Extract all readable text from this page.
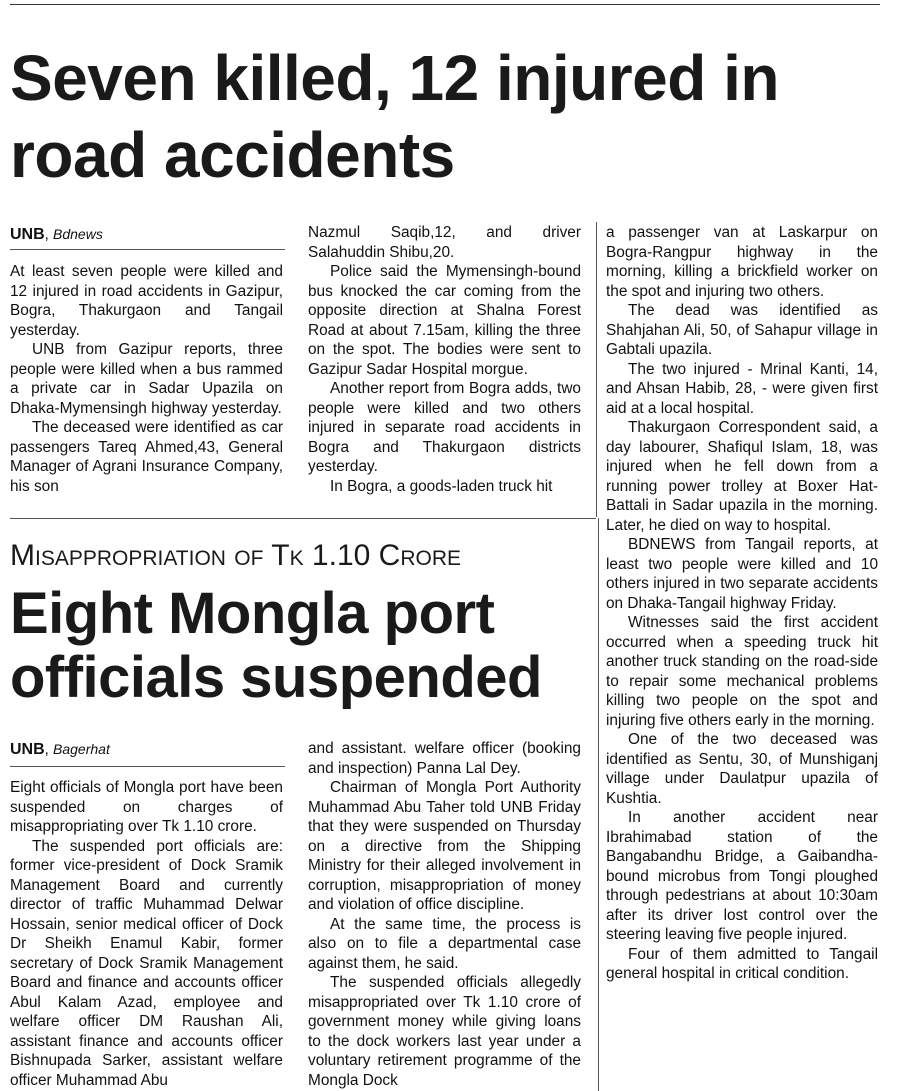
Seven killed, 12 injured in road accidents
UNB, Bdnews

At least seven people were killed and 12 injured in road accidents in Gazipur, Bogra, Thakurgaon and Tangail yesterday.

UNB from Gazipur reports, three people were killed when a bus rammed a private car in Sadar Upazila on Dhaka-Mymensingh highway yesterday.

The deceased were identified as car passengers Tareq Ahmed,43, General Manager of Agrani Insurance Company, his son

Nazmul Saqib,12, and driver Salahuddin Shibu,20.

Police said the Mymensingh-bound bus knocked the car coming from the opposite direction at Shalna Forest Road at about 7.15am, killing the three on the spot. The bodies were sent to Gazipur Sadar Hospital morgue.

Another report from Bogra adds, two people were killed and two others injured in separate road accidents in Bogra and Thakurgaon districts yesterday.

In Bogra, a goods-laden truck hit

a passenger van at Laskarpur on Bogra-Rangpur highway in the morning, killing a brickfield worker on the spot and injuring two others.

The dead was identified as Shahjahan Ali, 50, of Sahapur village in Gabtali upazila.

The two injured - Mrinal Kanti, 14, and Ahsan Habib, 28, - were given first aid at a local hospital.

Thakurgaon Correspondent said, a day labourer, Shafiqul Islam, 18, was injured when he fell down from a running power trolley at Boxer Hat-Battali in Sadar upazila in the morning. Later, he died on way to hospital.

BDNEWS from Tangail reports, at least two people were killed and 10 others injured in two separate accidents on Dhaka-Tangail highway Friday.

Witnesses said the first accident occurred when a speeding truck hit another truck standing on the road-side to repair some mechanical problems killing two people on the spot and injuring five others early in the morning.

One of the two deceased was identified as Sentu, 30, of Munshiganj village under Daulatpur upazila of Kushtia.

In another accident near Ibrahimabad station of the Bangabandhu Bridge, a Gaibandha-bound microbus from Tongi ploughed through pedestrians at about 10:30am after its driver lost control over the steering leaving five people injured.

Four of them admitted to Tangail general hospital in critical condition.

Misappropriation of Tk 1.10 Crore
Eight Mongla port officials suspended
UNB, Bagerhat

Eight officials of Mongla port have been suspended on charges of misappropriating over Tk 1.10 crore.

The suspended port officials are: former vice-president of Dock Sramik Management Board and currently director of traffic Muhammad Delwar Hossain, senior medical officer of Dock Dr Sheikh Enamul Kabir, former secretary of Dock Sramik Management Board and finance and accounts officer Abul Kalam Azad, employee and welfare officer DM Raushan Ali, assistant finance and accounts officer Bishnupada Sarker, assistant welfare officer Muhammad Abu

and assistant. welfare officer (booking and inspection) Panna Lal Dey.

Chairman of Mongla Port Authority Muhammad Abu Taher told UNB Friday that they were suspended on Thursday on a directive from the Shipping Ministry for their alleged involvement in corruption, misappropriation of money and violation of office discipline.

At the same time, the process is also on to file a departmental case against them, he said.

The suspended officials allegedly misappropriated over Tk 1.10 crore of government money while giving loans to the dock workers last year under a voluntary retirement programme of the Mongla Dock
